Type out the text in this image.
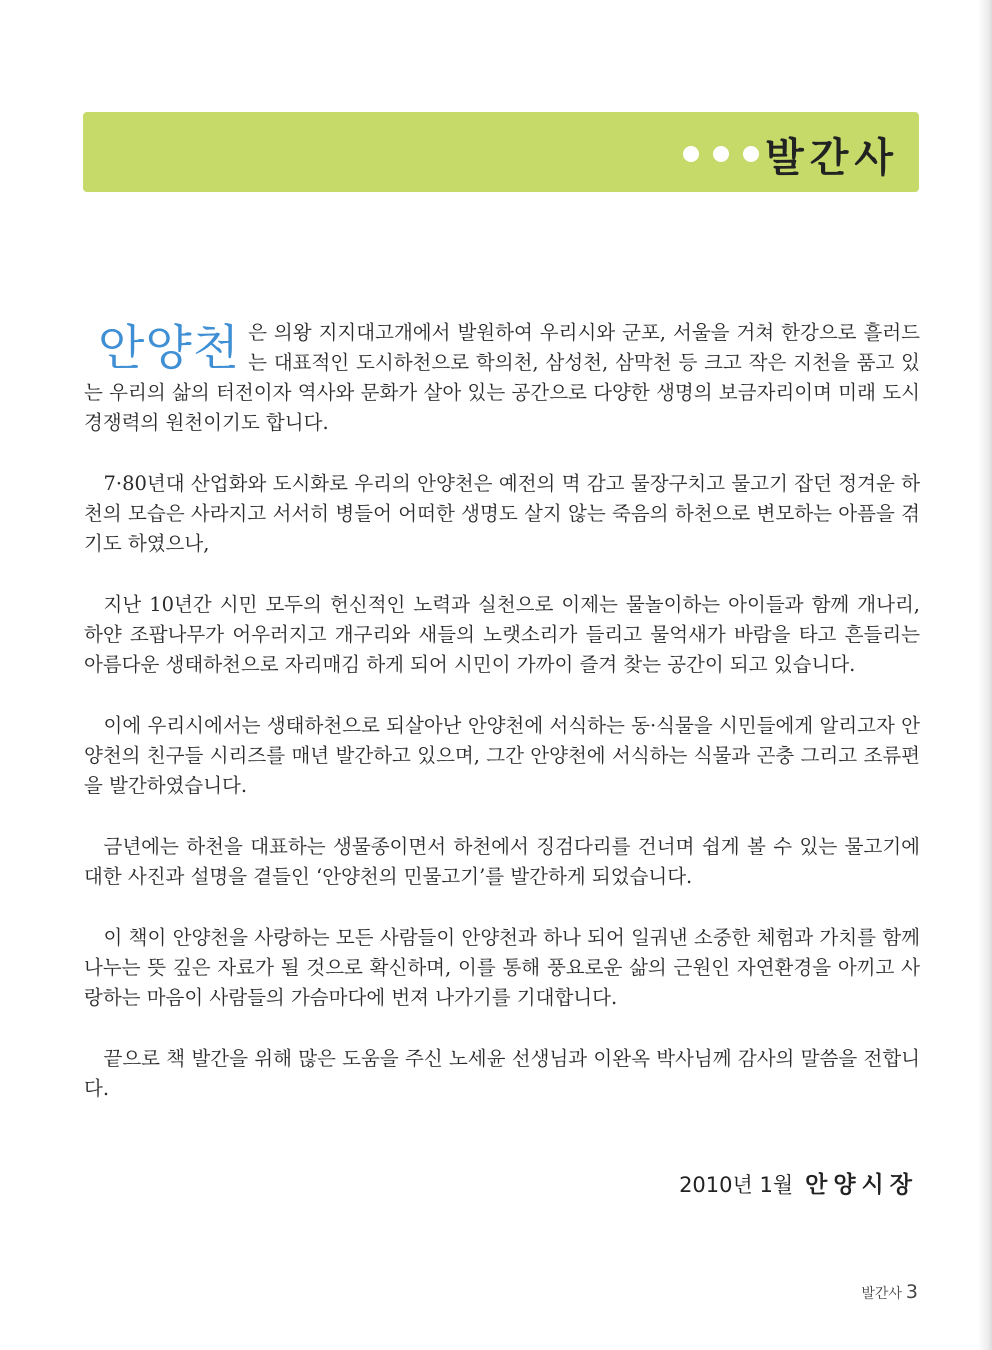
발간사

안양천 은 의왕 지지대고개에서 발원하여 우리시와 군포, 서울을 거쳐 한강으로 흘러드는 대표적인 도시하천으로 학의천, 삼성천, 삼막천 등 크고 작은 지천을 품고 있는 우리의 삶의 터전이자 역사와 문화가 살아 있는 공간으로 다양한 생명의 보금자리이며 미래 도시경쟁력의 원천이기도 합니다.

7·80년대 산업화와 도시화로 우리의 안양천은 예전의 멱 감고 물장구치고 물고기 잡던 정겨운 하천의 모습은 사라지고 서서히 병들어 어떠한 생명도 살지 않는 죽음의 하천으로 변모하는 아픔을 겪기도 하였으나,

지난 10년간 시민 모두의 헌신적인 노력과 실천으로 이제는 물놀이하는 아이들과 함께 개나리, 하얀 조팝나무가 어우러지고 개구리와 새들의 노랫소리가 들리고 물억새가 바람을 타고 흔들리는 아름다운 생태하천으로 자리매김 하게 되어 시민이 가까이 즐겨 찾는 공간이 되고 있습니다.

이에 우리시에서는 생태하천으로 되살아난 안양천에 서식하는 동·식물을 시민들에게 알리고자 안양천의 친구들 시리즈를 매년 발간하고 있으며, 그간 안양천에 서식하는 식물과 곤충 그리고 조류편을 발간하였습니다.

금년에는 하천을 대표하는 생물종이면서 하천에서 징검다리를 건너며 쉽게 볼 수 있는 물고기에 대한 사진과 설명을 곁들인 ‘안양천의 민물고기’를 발간하게 되었습니다.

이 책이 안양천을 사랑하는 모든 사람들이 안양천과 하나 되어 일궈낸 소중한 체험과 가치를 함께 나누는 뜻 깊은 자료가 될 것으로 확신하며, 이를 통해 풍요로운 삶의 근원인 자연환경을 아끼고 사랑하는 마음이 사람들의 가슴마다에 번져 나가기를 기대합니다.

끝으로 책 발간을 위해 많은 도움을 주신 노세윤 선생님과 이완옥 박사님께 감사의 말씀을 전합니다.

2010년 1월 안양시장
발간사 3
